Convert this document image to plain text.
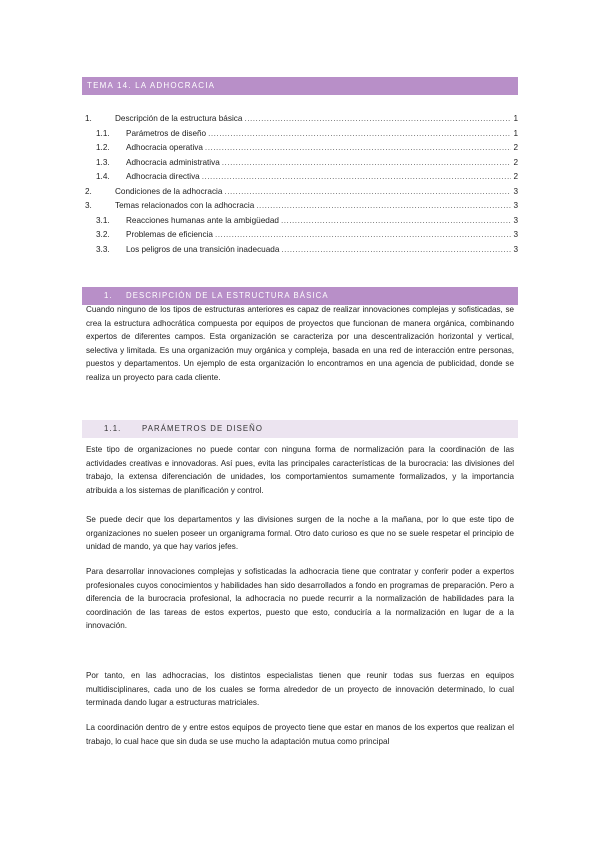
TEMA 14. LA ADHOCRACIA
1.	Descripción de la estructura básica .....	1
1.1.	Parámetros de diseño .....	1
1.2.	Adhocracia operativa .....	2
1.3.	Adhocracia administrativa .....	2
1.4.	Adhocracia directiva .....	2
2.	Condiciones de la adhocracia .....	3
3.	Temas relacionados con la adhocracia .....	3
3.1.	Reacciones humanas ante la ambigüedad .....	3
3.2.	Problemas de eficiencia .....	3
3.3.	Los peligros de una transición inadecuada .....	3
1. DESCRIPCIÓN DE LA ESTRUCTURA BÁSICA

Cuando ninguno de los tipos de estructuras anteriores es capaz de realizar innovaciones complejas y sofisticadas, se crea la estructura adhocrática compuesta por equipos de proyectos que funcionan de manera orgánica, combinando expertos de diferentes campos. Esta organización se caracteriza por una descentralización horizontal y vertical, selectiva y limitada. Es una organización muy orgánica y compleja, basada en una red de interacción entre personas, puestos y departamentos. Un ejemplo de esta organización lo encontramos en una agencia de publicidad, donde se realiza un proyecto para cada cliente.

1.1.	PARÁMETROS DE DISEÑO

Este tipo de organizaciones no puede contar con ninguna forma de normalización para la coordinación de las actividades creativas e innovadoras. Así pues, evita las principales características de la burocracia: las divisiones del trabajo, la extensa diferenciación de unidades, los comportamientos sumamente formalizados, y la importancia atribuida a los sistemas de planificación y control.

Se puede decir que los departamentos y las divisiones surgen de la noche a la mañana, por lo que este tipo de organizaciones no suelen poseer un organigrama formal. Otro dato curioso es que no se suele respetar el principio de unidad de mando, ya que hay varios jefes.

Para desarrollar innovaciones complejas y sofisticadas la adhocracia tiene que contratar y conferir poder a expertos profesionales cuyos conocimientos y habilidades han sido desarrollados a fondo en programas de preparación. Pero a diferencia de la burocracia profesional, la adhocracia no puede recurrir a la normalización de habilidades para la coordinación de las tareas de estos expertos, puesto que esto, conduciría a la normalización en lugar de a la innovación.

Por tanto, en las adhocracias, los distintos especialistas tienen que reunir todas sus fuerzas en equipos multidisciplinares, cada uno de los cuales se forma alrededor de un proyecto de innovación determinado, lo cual terminada dando lugar a estructuras matriciales.

La coordinación dentro de y entre estos equipos de proyecto tiene que estar en manos de los expertos que realizan el trabajo, lo cual hace que sin duda se use mucho la adaptación mutua como principal
